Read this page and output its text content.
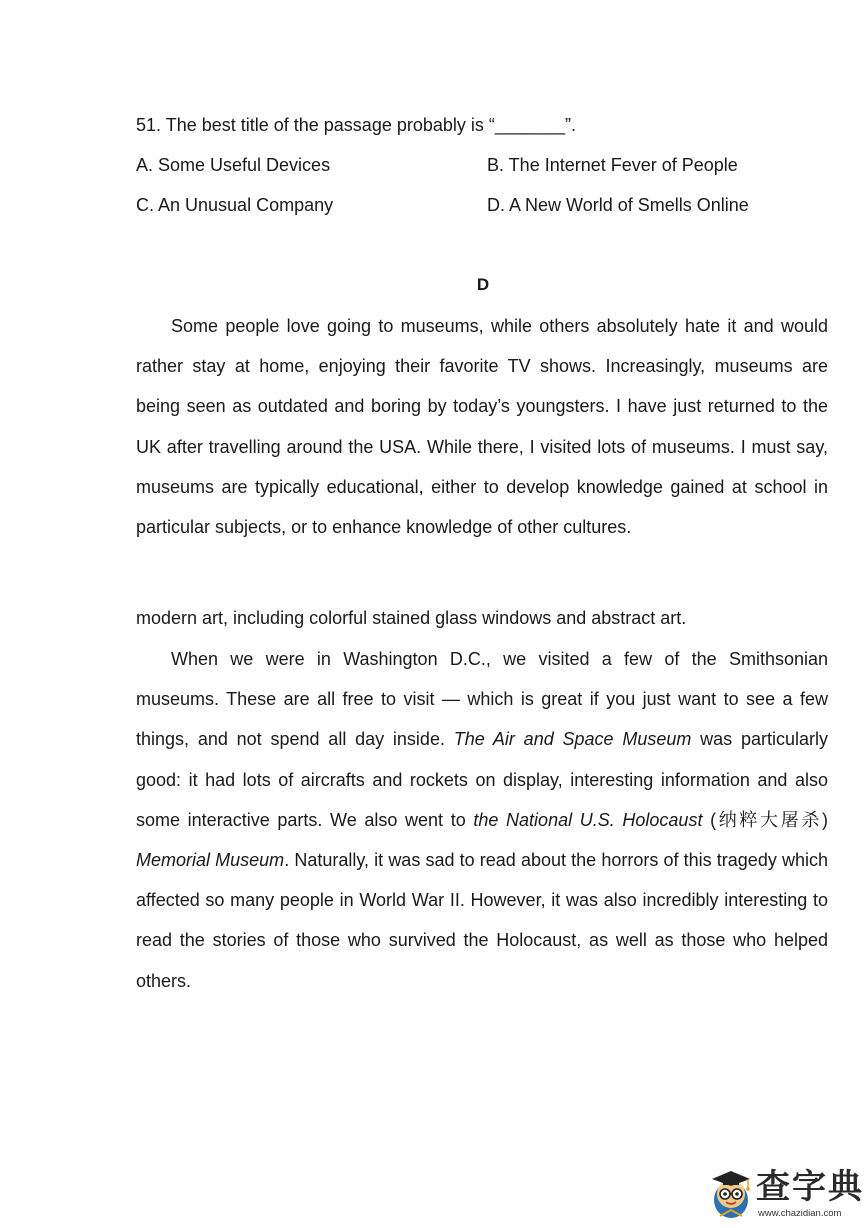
51. The best title of the passage probably is “_______”.
A. Some Useful Devices	B. The Internet Fever of People
C. An Unusual Company	D. A New World of Smells Online
D

Some people love going to museums, while others absolutely hate it and would rather stay at home, enjoying their favorite TV shows. Increasingly, museums are being seen as outdated and boring by today’s youngsters. I have just returned to the UK after travelling around the USA. While there, I visited lots of museums. I must say, museums are typically educational, either to develop knowledge gained at school in particular subjects, or to enhance knowledge of other cultures.

modern art, including colorful stained glass windows and abstract art.

When we were in Washington D.C., we visited a few of the Smithsonian museums. These are all free to visit — which is great if you just want to see a few things, and not spend all day inside. The Air and Space Museum was particularly good: it had lots of aircrafts and rockets on display, interesting information and also some interactive parts. We also went to the National U.S. Holocaust (纳粹大屠杀) Memorial Museum. Naturally, it was sad to read about the horrors of this tragedy which affected so many people in World War II. However, it was also incredibly interesting to read the stories of those who survived the Holocaust, as well as those who helped others.

查字典
www.chazidian.com
